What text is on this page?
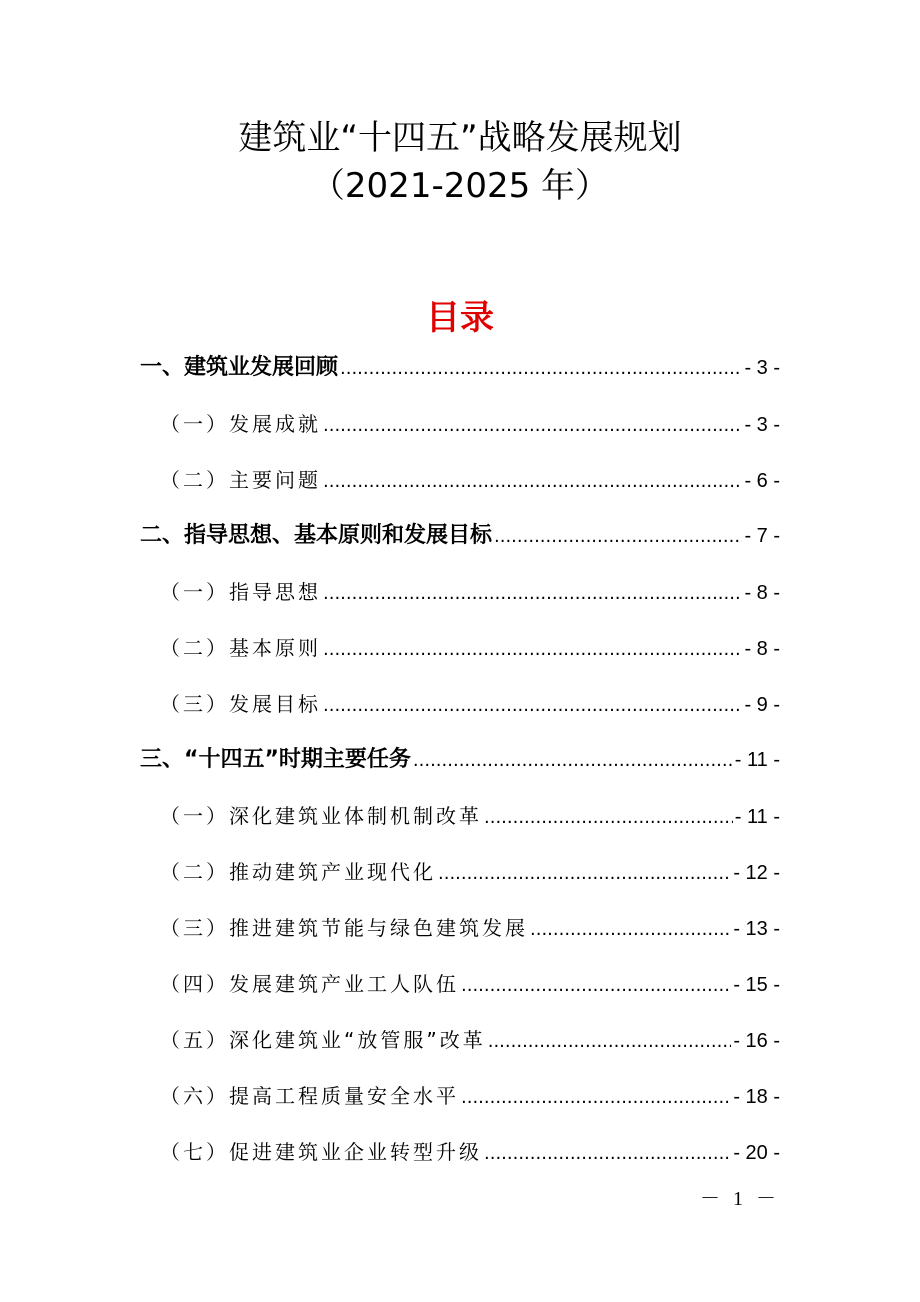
建筑业“十四五”战略发展规划
（2021-2025 年）
目录
一、建筑业发展回顾 .....	- 3 -
（一）发展成就 .....	- 3 -
（二）主要问题 .....	- 6 -
二、指导思想、基本原则和发展目标 .....	- 7 -
（一）指导思想 .....	- 8 -
（二）基本原则 .....	- 8 -
（三）发展目标 .....	- 9 -
三、“十四五”时期主要任务 .....	- 11 -
（一）深化建筑业体制机制改革 .....	- 11 -
（二）推动建筑产业现代化 .....	- 12 -
（三）推进建筑节能与绿色建筑发展 .....	- 13 -
（四）发展建筑产业工人队伍 .....	- 15 -
（五）深化建筑业“放管服”改革 .....	- 16 -
（六）提高工程质量安全水平 .....	- 18 -
（七）促进建筑业企业转型升级 .....	- 20 -
－ 1 －
